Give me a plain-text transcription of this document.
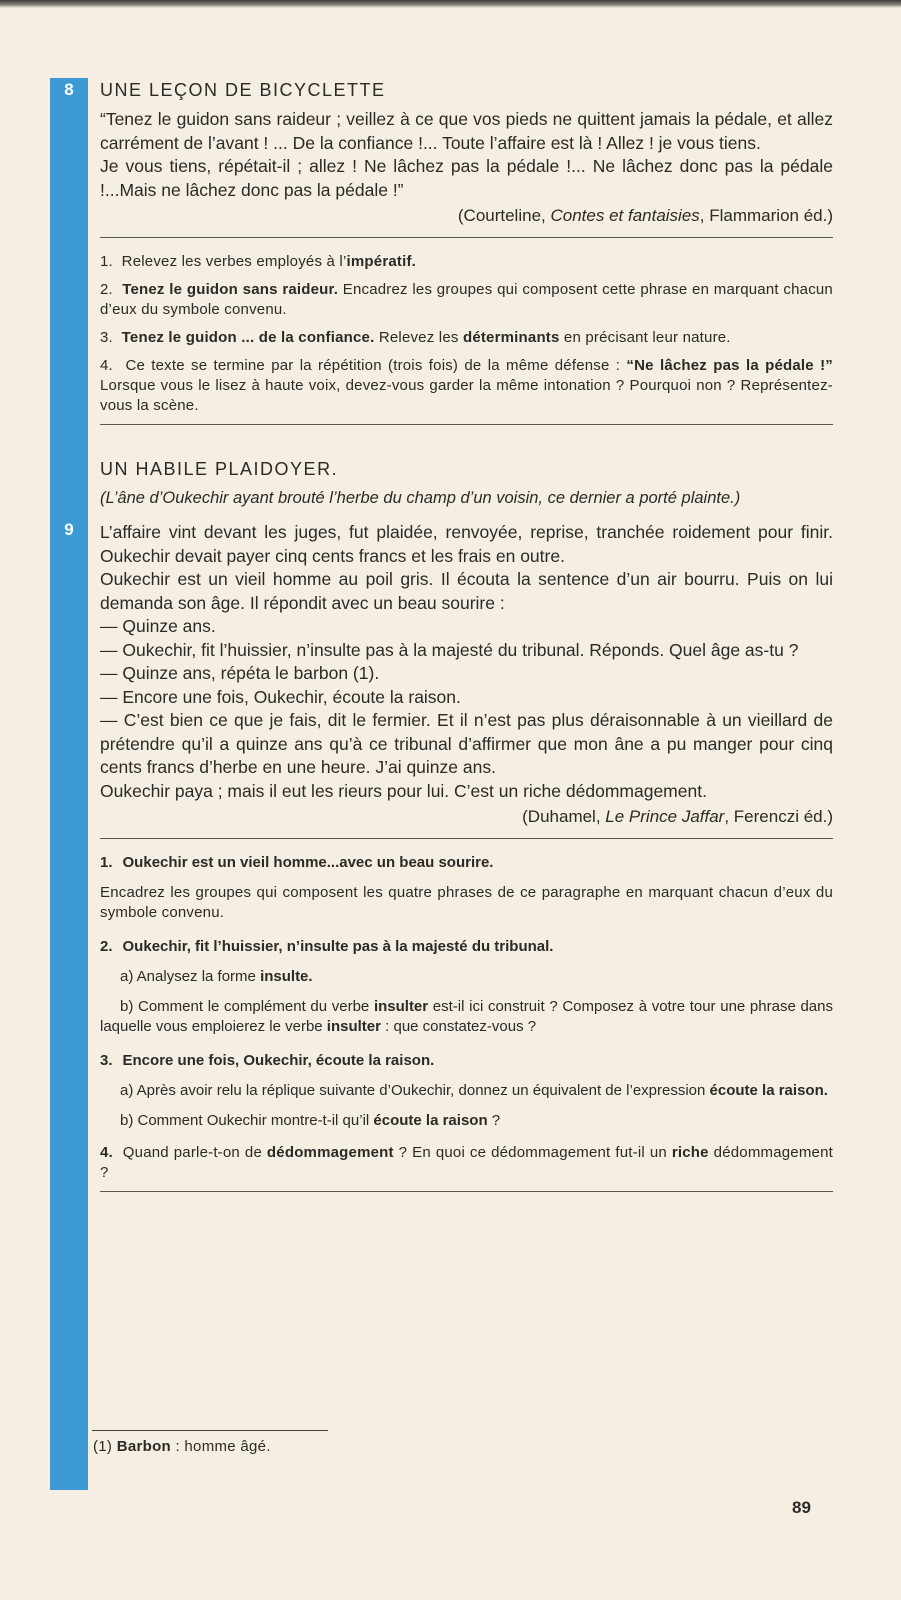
8
9
UNE LEÇON DE BICYCLETTE

“Tenez le guidon sans raideur ; veillez à ce que vos pieds ne quittent jamais la pédale, et allez carrément de l’avant ! ... De la confiance !... Toute l’affaire est là ! Allez ! je vous tiens.
Je vous tiens, répétait-il ; allez ! Ne lâchez pas la pédale !... Ne lâchez donc pas la pédale !...Mais ne lâchez donc pas la pédale !”

(Courteline, Contes et fantaisies, Flammarion éd.)

1. Relevez les verbes employés à l’impératif.

2. Tenez le guidon sans raideur. Encadrez les groupes qui composent cette phrase en marquant chacun d’eux du symbole convenu.

3. Tenez le guidon ... de la confiance. Relevez les déterminants en précisant leur nature.

4. Ce texte se termine par la répétition (trois fois) de la même défense : “Ne lâchez pas la pédale !” Lorsque vous le lisez à haute voix, devez-vous garder la même intonation ? Pourquoi non ? Représentez-vous la scène.

UN HABILE PLAIDOYER.

(L’âne d’Oukechir ayant brouté l’herbe du champ d’un voisin, ce dernier a porté plainte.)

L’affaire vint devant les juges, fut plaidée, renvoyée, reprise, tranchée roidement pour finir. Oukechir devait payer cinq cents francs et les frais en outre.
Oukechir est un vieil homme au poil gris. Il écouta la sentence d’un air bourru. Puis on lui demanda son âge. Il répondit avec un beau sourire :
— Quinze ans.
— Oukechir, fit l’huissier, n’insulte pas à la majesté du tribunal. Réponds. Quel âge as-tu ?
— Quinze ans, répéta le barbon (1).
— Encore une fois, Oukechir, écoute la raison.
— C’est bien ce que je fais, dit le fermier. Et il n’est pas plus déraisonnable à un vieillard de prétendre qu’il a quinze ans qu’à ce tribunal d’affirmer que mon âne a pu manger pour cinq cents francs d’herbe en une heure. J’ai quinze ans.
Oukechir paya ; mais il eut les rieurs pour lui. C’est un riche dédommagement.

(Duhamel, Le Prince Jaffar, Ferenczi éd.)
1. Oukechir est un vieil homme...avec un beau sourire.

Encadrez les groupes qui composent les quatre phrases de ce paragraphe en marquant chacun d’eux du symbole convenu.

2. Oukechir, fit l’huissier, n’insulte pas à la majesté du tribunal.

a) Analysez la forme insulte.

b) Comment le complément du verbe insulter est-il ici construit ? Composez à votre tour une phrase dans laquelle vous emploierez le verbe insulter : que constatez-vous ?

3. Encore une fois, Oukechir, écoute la raison.

a) Après avoir relu la réplique suivante d’Oukechir, donnez un équivalent de l’expression écoute la raison.

b) Comment Oukechir montre-t-il qu’il écoute la raison ?

4. Quand parle-t-on de dédommagement ? En quoi ce dédommagement fut-il un riche dédommagement ?

(1) Barbon : homme âgé.
89
